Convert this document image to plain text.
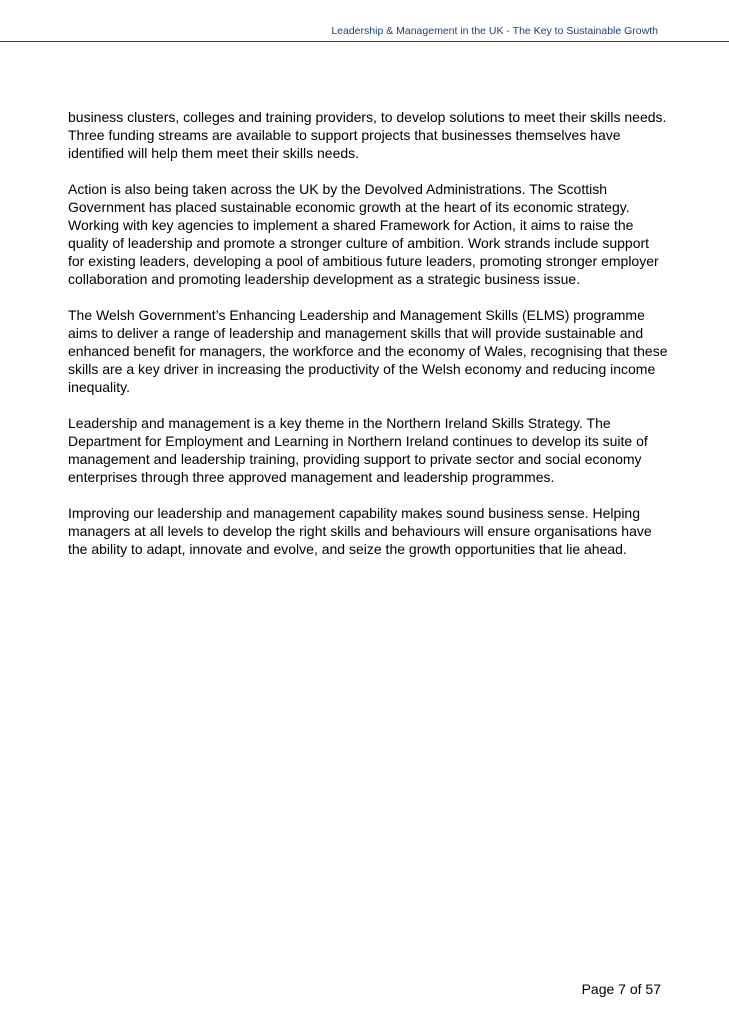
Leadership & Management in the UK - The Key to Sustainable Growth

business clusters, colleges and training providers, to develop solutions to meet their skills needs. Three funding streams are available to support projects that businesses themselves have identified will help them meet their skills needs.

Action is also being taken across the UK by the Devolved Administrations. The Scottish Government has placed sustainable economic growth at the heart of its economic strategy. Working with key agencies to implement a shared Framework for Action, it aims to raise the quality of leadership and promote a stronger culture of ambition. Work strands include support for existing leaders, developing a pool of ambitious future leaders, promoting stronger employer collaboration and promoting leadership development as a strategic business issue.

The Welsh Government’s Enhancing Leadership and Management Skills (ELMS) programme aims to deliver a range of leadership and management skills that will provide sustainable and enhanced benefit for managers, the workforce and the economy of Wales, recognising that these skills are a key driver in increasing the productivity of the Welsh economy and reducing income inequality.

Leadership and management is a key theme in the Northern Ireland Skills Strategy. The Department for Employment and Learning in Northern Ireland continues to develop its suite of management and leadership training, providing support to private sector and social economy enterprises through three approved management and leadership programmes.

Improving our leadership and management capability makes sound business sense. Helping managers at all levels to develop the right skills and behaviours will ensure organisations have the ability to adapt, innovate and evolve, and seize the growth opportunities that lie ahead.

Page 7 of 57
